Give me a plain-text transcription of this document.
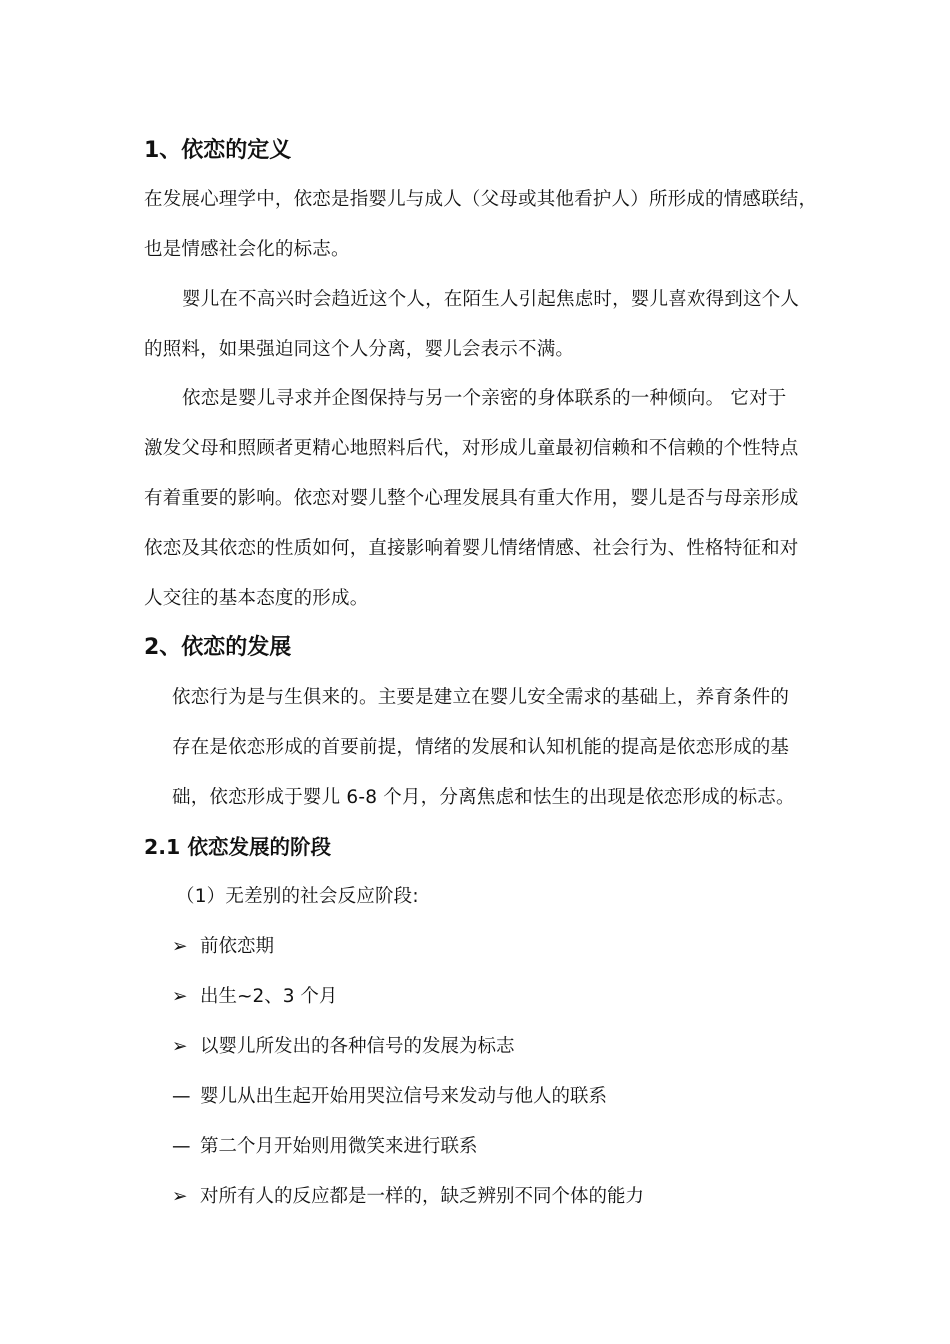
1、依恋的定义
在发展心理学中，依恋是指婴儿与成人（父母或其他看护人）所形成的情感联结，
也是情感社会化的标志。
婴儿在不高兴时会趋近这个人，在陌生人引起焦虑时，婴儿喜欢得到这个人
的照料，如果强迫同这个人分离，婴儿会表示不满。
依恋是婴儿寻求并企图保持与另一个亲密的身体联系的一种倾向。 它对于
激发父母和照顾者更精心地照料后代，对形成儿童最初信赖和不信赖的个性特点
有着重要的影响。依恋对婴儿整个心理发展具有重大作用，婴儿是否与母亲形成
依恋及其依恋的性质如何，直接影响着婴儿情绪情感、社会行为、性格特征和对
人交往的基本态度的形成。
2、依恋的发展
依恋行为是与生俱来的。主要是建立在婴儿安全需求的基础上，养育条件的
存在是依恋形成的首要前提，情绪的发展和认知机能的提高是依恋形成的基
础，依恋形成于婴儿 6-8 个月，分离焦虑和怯生的出现是依恋形成的标志。
2.1 依恋发展的阶段
（1）无差别的社会反应阶段:
➢ 前依恋期
➢ 出生~2、3 个月
➢ 以婴儿所发出的各种信号的发展为标志
— 婴儿从出生起开始用哭泣信号来发动与他人的联系
— 第二个月开始则用微笑来进行联系
➢ 对所有人的反应都是一样的，缺乏辨别不同个体的能力
